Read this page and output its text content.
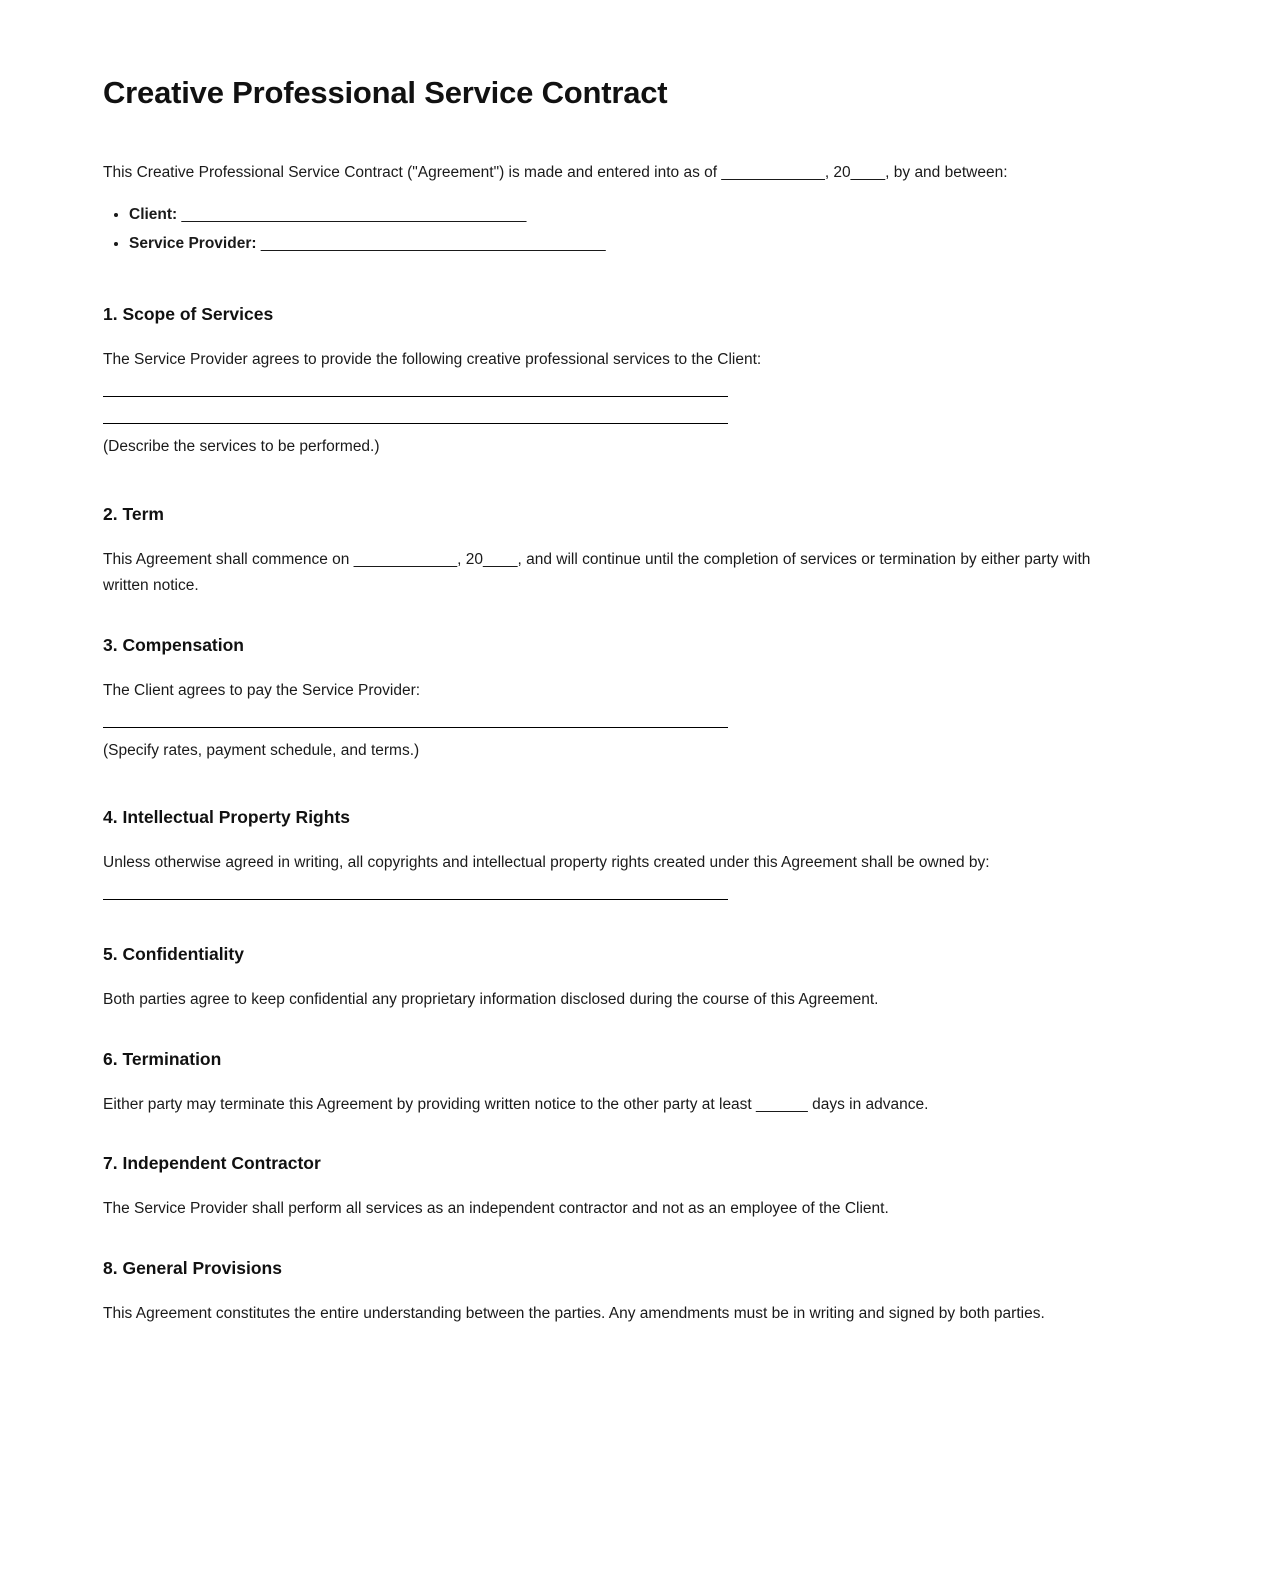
Creative Professional Service Contract

This Creative Professional Service Contract ("Agreement") is made and entered into as of ____________, 20____, by and between:

• Client: ________________________________________
• Service Provider: ________________________________________
1. Scope of Services

The Service Provider agrees to provide the following creative professional services to the Client:

(Describe the services to be performed.)

2. Term

This Agreement shall commence on ____________, 20____, and will continue until the completion of services or termination by either party with written notice.

3. Compensation

The Client agrees to pay the Service Provider:

(Specify rates, payment schedule, and terms.)

4. Intellectual Property Rights

Unless otherwise agreed in writing, all copyrights and intellectual property rights created under this Agreement shall be owned by:

5. Confidentiality

Both parties agree to keep confidential any proprietary information disclosed during the course of this Agreement.

6. Termination

Either party may terminate this Agreement by providing written notice to the other party at least ______ days in advance.

7. Independent Contractor

The Service Provider shall perform all services as an independent contractor and not as an employee of the Client.

8. General Provisions

This Agreement constitutes the entire understanding between the parties. Any amendments must be in writing and signed by both parties.
